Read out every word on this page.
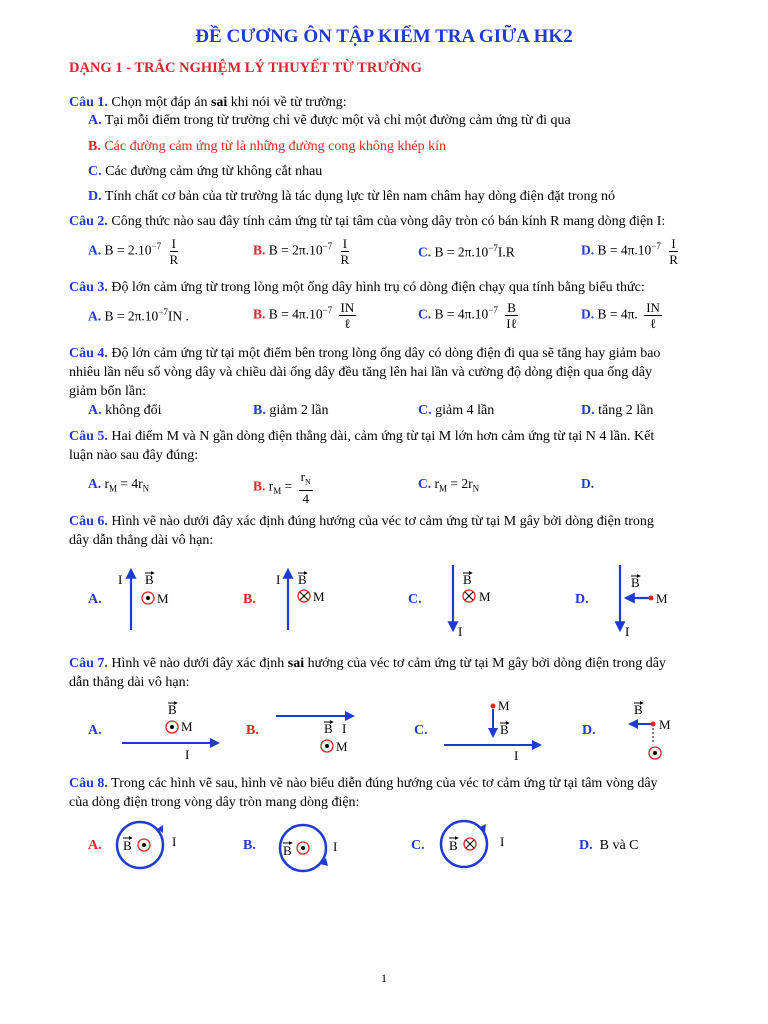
ĐỀ CƯƠNG ÔN TẬP KIỂM TRA GIỮA HK2
DẠNG 1 - TRẮC NGHIỆM LÝ THUYẾT TỪ TRƯỜNG
Câu 1. Chọn một đáp án sai khi nói về từ trường:
A. Tại mỗi điểm trong từ trường chỉ vẽ được một và chỉ một đường cảm ứng từ đi qua
B. Các đường cảm ứng từ là những đường cong không khép kín
C. Các đường cảm ứng từ không cắt nhau
D. Tính chất cơ bản của từ trường là tác dụng lực từ lên nam châm hay dòng điện đặt trong nó
Câu 2. Công thức nào sau đây tính cảm ứng từ tại tâm của vòng dây tròn có bán kính R mang dòng điện I:
A. $B = 2.10^{-7} \frac{I}{R}$	B. $B = 2\pi.10^{-7} \frac{I}{R}$	C. $B = 2\pi.10^{-7}I.R$	D. $B = 4\pi.10^{-7} \frac{I}{R}$
Câu 3. Độ lớn cảm ứng từ trong lòng một ống dây hình trụ có dòng điện chạy qua tính bằng biểu thức:
A. $B = 2\pi.10^{-7}IN$ .	B. $B = 4\pi.10^{-7} \frac{IN}{\text{ℓ}}$	C. $B = 4\pi.10^{-7} \frac{B}{\text{Iℓ}}$	D. B = 4π. $\frac{IN}{\text{ℓ}}$
Câu 4. Độ lớn cảm ứng từ tại một điểm bên trong lòng ống dây có dòng điện đi qua sẽ tăng hay giảm bao
nhiêu lần nếu số vòng dây và chiều dài ống dây đều tăng lên hai lần và cường độ dòng điện qua ống dây
giảm bốn lần:
A. không đổi	B. giảm 2 lần	C. giảm 4 lần	D. tăng 2 lần
Câu 5. Hai điểm M và N gần dòng điện thẳng dài, cảm ứng từ tại M lớn hơn cảm ứng từ tại N 4 lần. Kết
luận nào sau đây đúng:
A. $r_M = 4r_N$	B. $r_M = \frac{r_N}{4}$	C. $r_M = 2r_N$	D.
Câu 6. Hình vẽ nào dưới đây xác định đúng hướng của véc tơ cảm ứng từ tại M gây bởi dòng điện trong
dây dẫn thẳng dài vô hạn:
A.	B.	C.	D.
Câu 7. Hình vẽ nào dưới đây xác định sai hướng của véc tơ cảm ứng từ tại M gây bởi dòng điện trong dây
dẫn thẳng dài vô hạn:
A.	B.	C.	D.
Câu 8. Trong các hình vẽ sau, hình vẽ nào biểu diễn đúng hướng của véc tơ cảm ứng từ tại tâm vòng dây
của dòng điện trong vòng dây tròn mang dòng điện:
A.	B.	C.	D. B và C
I B
M
I B
M
I
B
M
I
B
M
B
M
I
B I
M
I
M
B
B
M
B	I
B	I	B	I
1
